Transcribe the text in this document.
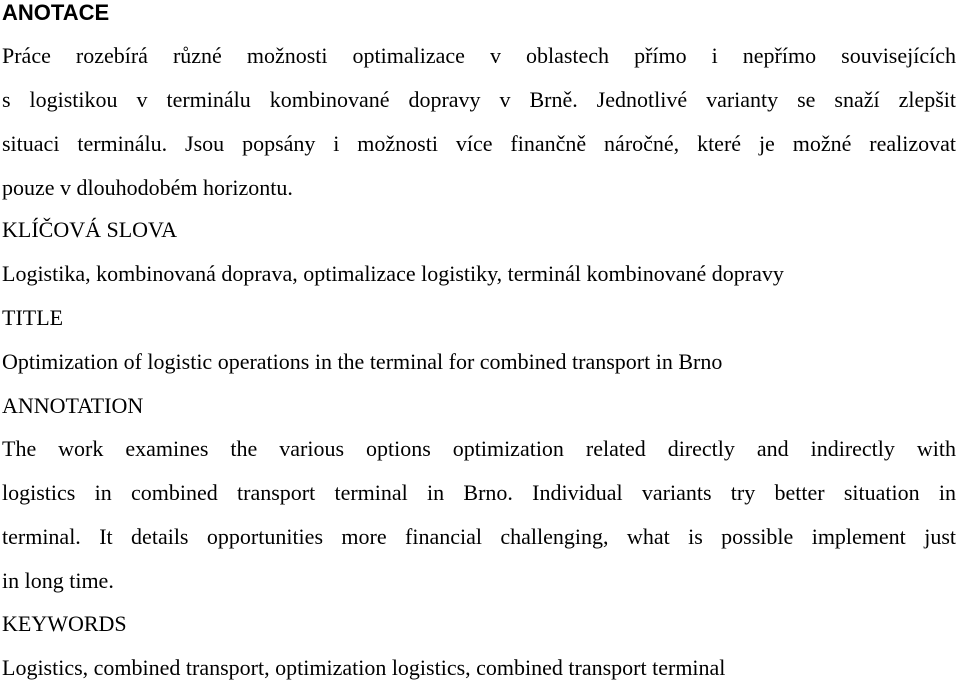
ANOTACE
Práce rozebírá různé možnosti optimalizace v oblastech přímo i nepřímo souvisejících
s logistikou v terminálu kombinované dopravy v Brně. Jednotlivé varianty se snaží zlepšit
situaci terminálu. Jsou popsány i možnosti více finančně náročné, které je možné realizovat
pouze v dlouhodobém horizontu.
KLÍČOVÁ SLOVA
Logistika, kombinovaná doprava, optimalizace logistiky, terminál kombinované dopravy
TITLE
Optimization of logistic operations in the terminal for combined transport in Brno
ANNOTATION
The work examines the various options optimization related directly and indirectly with
logistics in combined transport terminal in Brno. Individual variants try better situation in
terminal. It details opportunities more financial challenging, what is possible implement just
in long time.
KEYWORDS
Logistics, combined transport, optimization logistics, combined transport terminal
